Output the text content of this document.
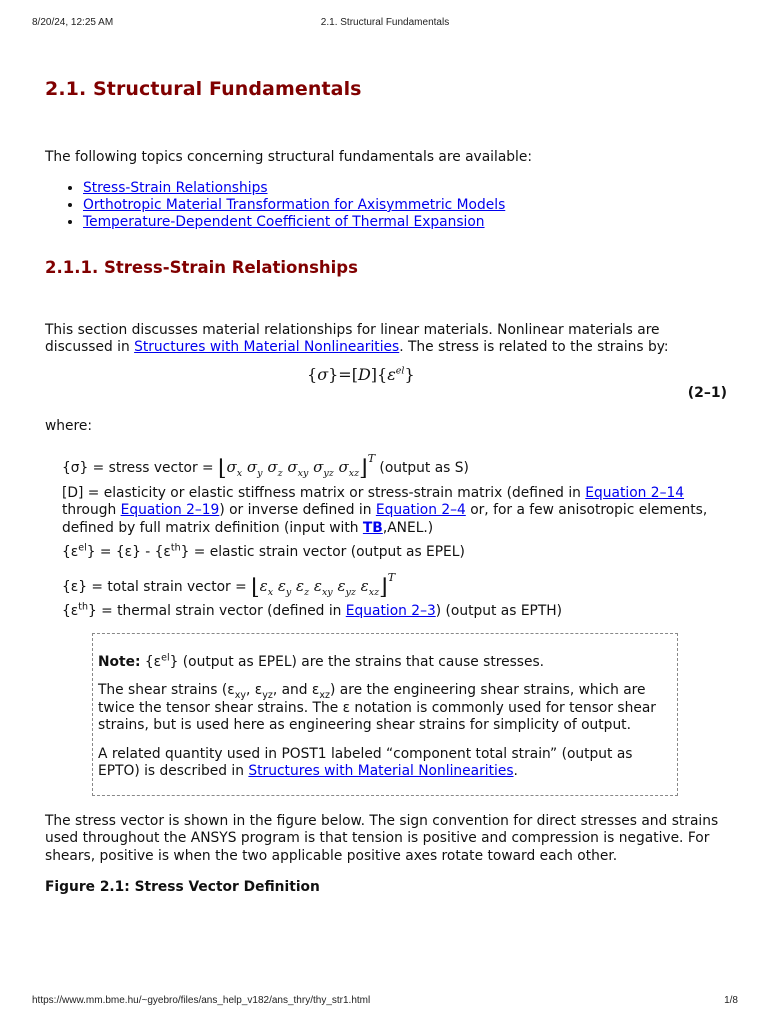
8/20/24, 12:25 AM	2.1. Structural Fundamentals
2.1. Structural Fundamentals

The following topics concerning structural fundamentals are available:

• Stress-Strain Relationships
• Orthotropic Material Transformation for Axisymmetric Models
• Temperature-Dependent Coefficient of Thermal Expansion
2.1.1. Stress-Strain Relationships

This section discusses material relationships for linear materials. Nonlinear materials are discussed in Structures with Material Nonlinearities. The stress is related to the strains by:

$\{\sigma\}=[D]\{\varepsilon^{el}\}$
(2–1)

where:

{σ} = stress vector = $⌊\sigma_x$ $\sigma_y$ $\sigma_z$ $\sigma_{xy}$ $\sigma_{yz}$ $\sigma_{xz}⌋^T$ (output as S)

[D] = elasticity or elastic stiffness matrix or stress-strain matrix (defined in Equation 2–14 through Equation 2–19) or inverse defined in Equation 2–4 or, for a few anisotropic elements, defined by full matrix definition (input with TB,ANEL.)

$\{\varepsilon^{el}\} = \{\varepsilon\} - \{\varepsilon^{th}\}$ = elastic strain vector (output as EPEL)

{ε} = total strain vector = $⌊\varepsilon_x$ $\varepsilon_y$ $\varepsilon_z$ $\varepsilon_{xy}$ $\varepsilon_{yz}$ $\varepsilon_{xz}⌋^T$

$\{\varepsilon^{th}\}$ = thermal strain vector (defined in Equation 2–3) (output as EPTH)

Note: $\{\varepsilon^{el}\}$ (output as EPEL) are the strains that cause stresses.

The shear strains ($\varepsilon_{xy}$, $\varepsilon_{yz}$, and $\varepsilon_{xz}$) are the engineering shear strains, which are twice the tensor shear strains. The ε notation is commonly used for tensor shear strains, but is used here as engineering shear strains for simplicity of output.

A related quantity used in POST1 labeled “component total strain” (output as EPTO) is described in Structures with Material Nonlinearities.

The stress vector is shown in the figure below. The sign convention for direct stresses and strains used throughout the ANSYS program is that tension is positive and compression is negative. For shears, positive is when the two applicable positive axes rotate toward each other.

Figure 2.1: Stress Vector Definition

https://www.mm.bme.hu/~gyebro/files/ans_help_v182/ans_thry/thy_str1.html	1/8
